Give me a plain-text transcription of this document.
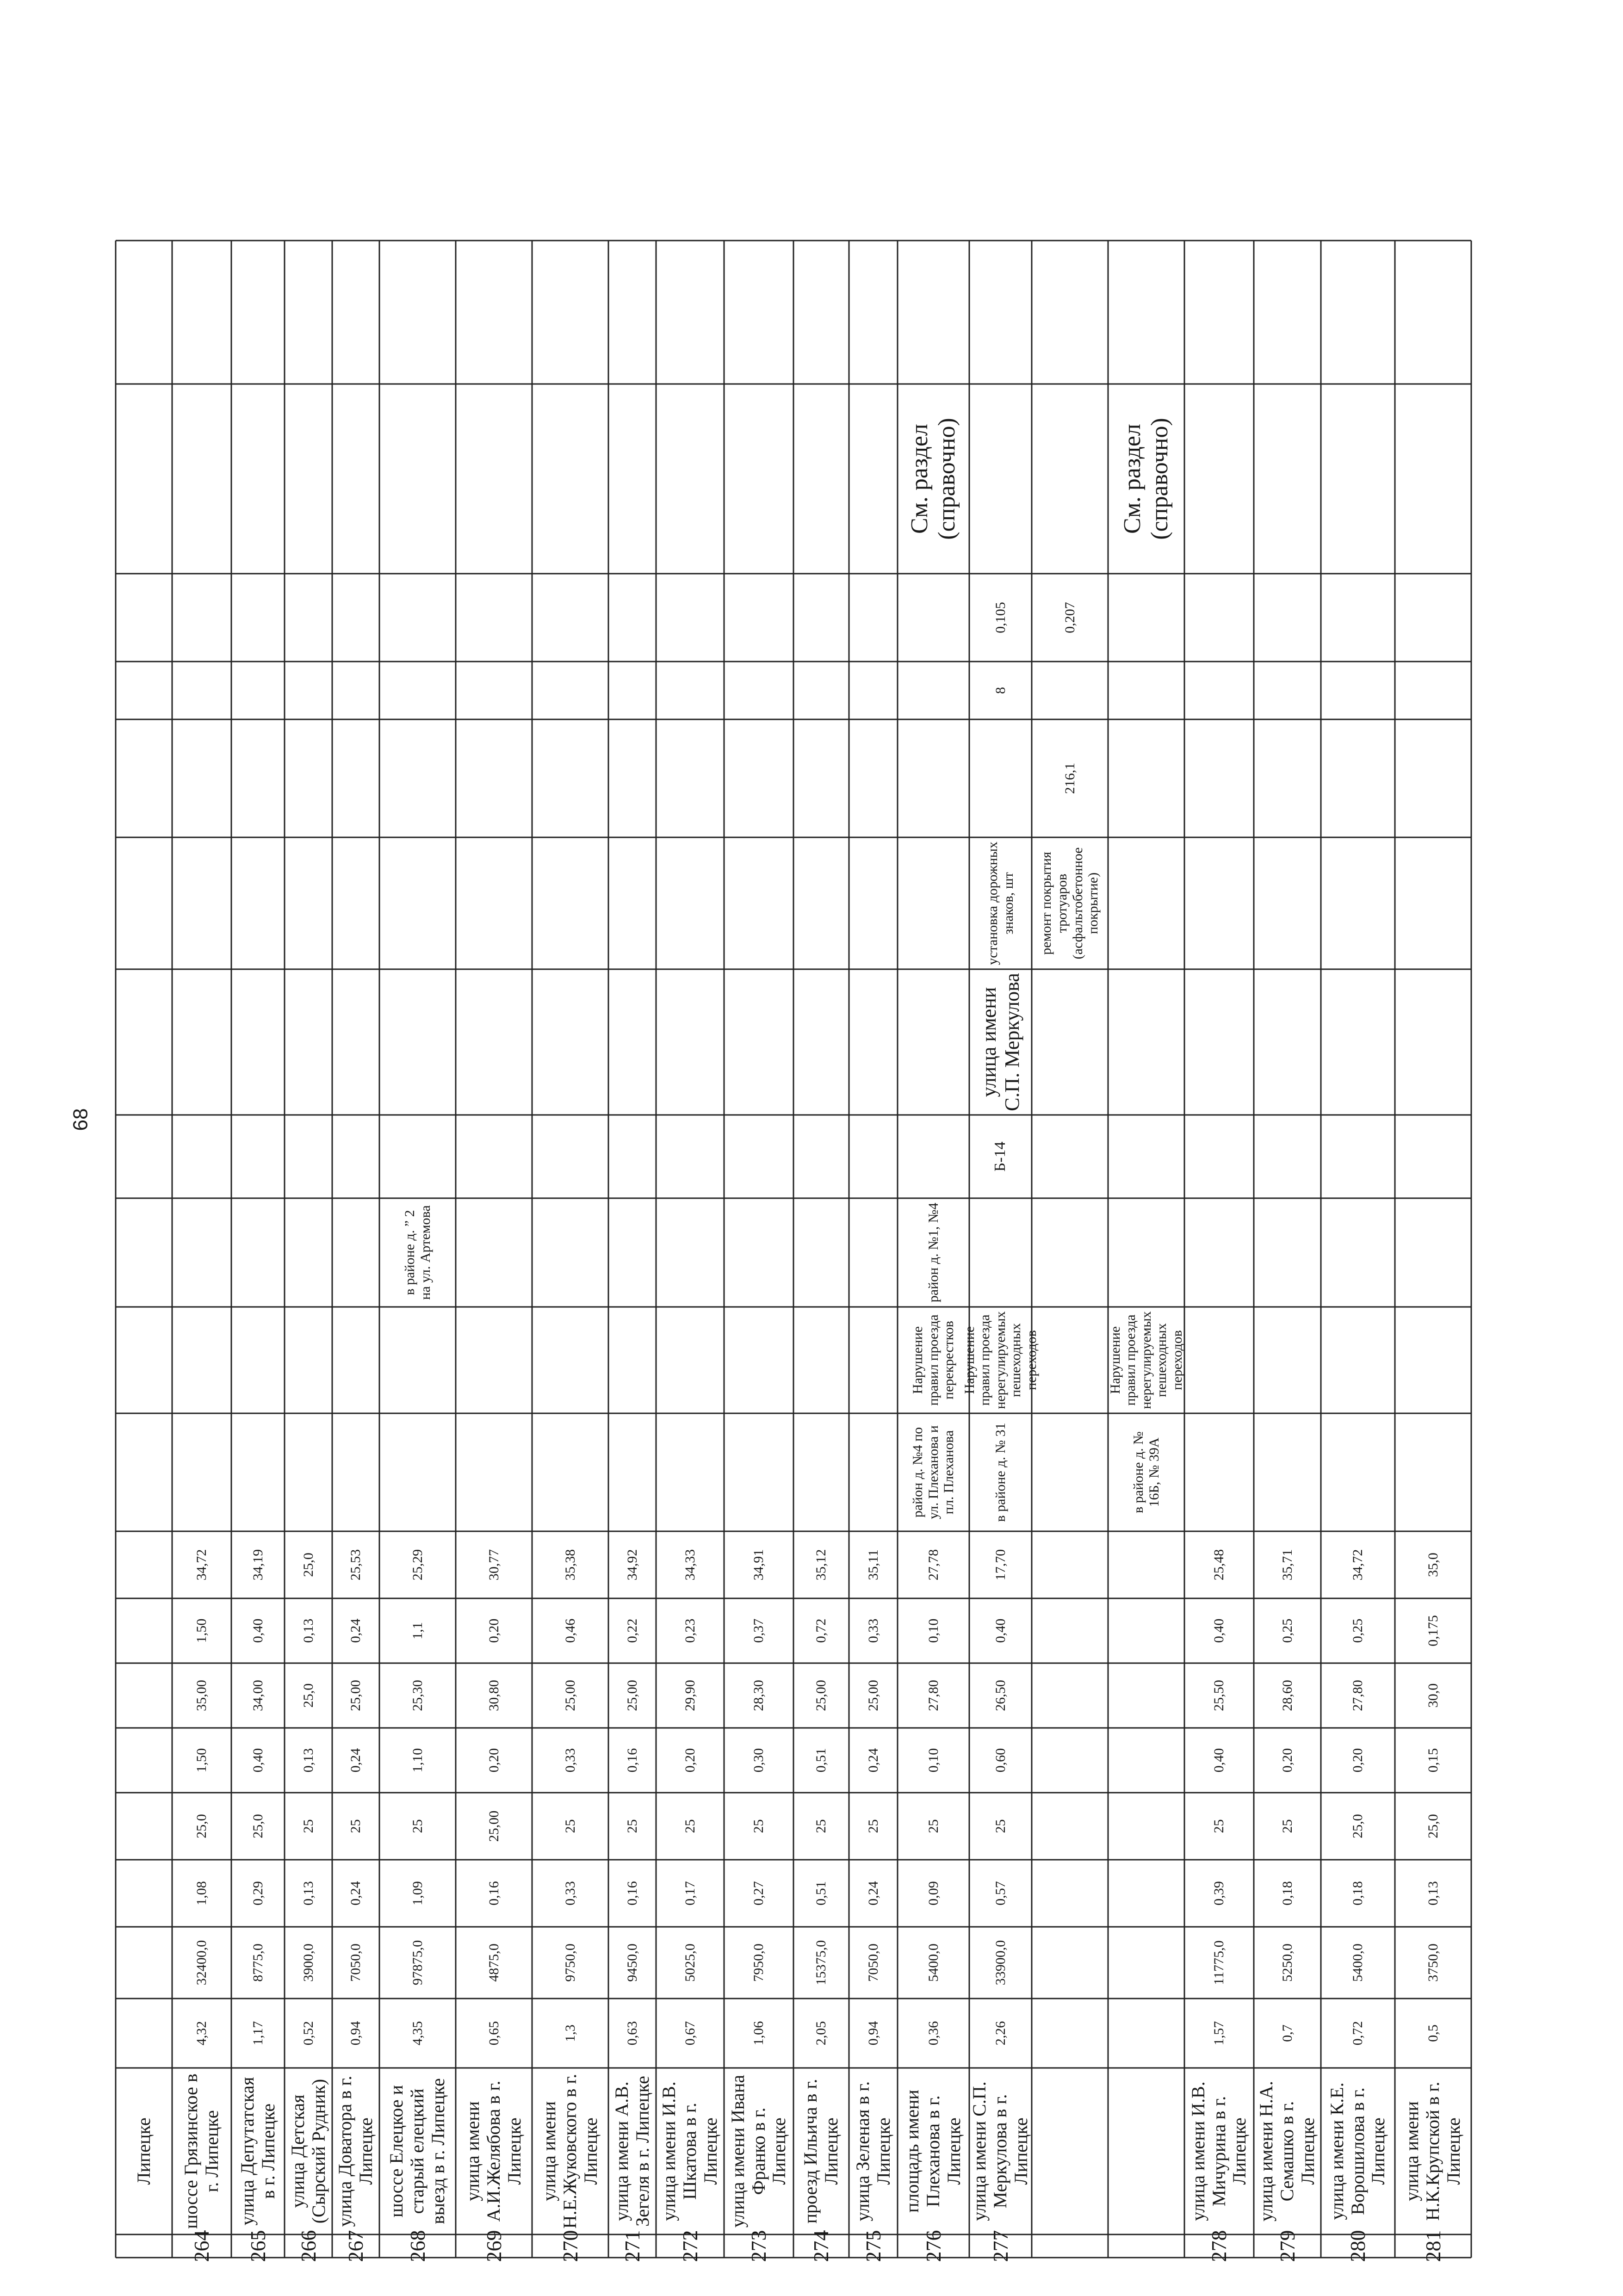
68
Липецке
264
шоссе Грязинское в г. Липецке
4,32
32400,0
1,08
25,0
1,50
35,00
1,50
34,72
265
улица Депутатская в г. Липецке
1,17
8775,0
0,29
25,0
0,40
34,00
0,40
34,19
266
улица Детская (Сырский Рудник)
0,52
3900,0
0,13
25
0,13
25,0
0,13
25,0
267
улица Доватора в г. Липецке
0,94
7050,0
0,24
25
0,24
25,00
0,24
25,53
268
шоссе Елецкое и старый елецкий выезд в г. Липецке
4,35
97875,0
1,09
25
1,10
25,30
1,1
25,29
в районе д. ” 2 на ул. Артемова
269
улица имени А.И.Желябова в г. Липецке
0,65
4875,0
0,16
25,00
0,20
30,80
0,20
30,77
270
улица имени Н.Е.Жуковского в г. Липецке
1,3
9750,0
0,33
25
0,33
25,00
0,46
35,38
271
улица имени А.В. Зегеля в г. Липецке
0,63
9450,0
0,16
25
0,16
25,00
0,22
34,92
272
улица имени И.В. Шкатова в г. Липецке
0,67
5025,0
0,17
25
0,20
29,90
0,23
34,33
273
улица имени Ивана Франко в г. Липецке
1,06
7950,0
0,27
25
0,30
28,30
0,37
34,91
274
проезд Ильича в г. Липецке
2,05
15375,0
0,51
25
0,51
25,00
0,72
35,12
275
улица Зеленая в г. Липецке
0,94
7050,0
0,24
25
0,24
25,00
0,33
35,11
276
площадь имени Плеханова в г. Липецке
0,36
5400,0
0,09
25
0,10
27,80
0,10
27,78
район д. №4 по ул. Плеханова и пл. Плеханова
Нарушение правил проезда перекрестков
район д. №1, №4
См. раздел (справочно)
277
улица имени С.П. Меркулова в г. Липецке
2,26
33900,0
0,57
25
0,60
26,50
0,40
17,70
в районе д. № 31
Нарушение правил проезда нерегулируемых пешеходных переходов
Б-14
улица имени С.П. Меркулова
установка дорожных знаков, шт
8
0,105
ремонт покрытия тротуаров (асфальтобетонное покрытие)
216,1
0,207
в районе д. № 16Б, № 39А
Нарушение правил проезда нерегулируемых пешеходных переходов
См. раздел (справочно)
278
улица имени И.В. Мичурина в г. Липецке
1,57
11775,0
0,39
25
0,40
25,50
0,40
25,48
279
улица имени Н.А. Семашко в г. Липецке
0,7
5250,0
0,18
25
0,20
28,60
0,25
35,71
280
улица имени К.Е. Ворошилова в г. Липецке
0,72
5400,0
0,18
25,0
0,20
27,80
0,25
34,72
281
улица имени Н.К.Крупской в г. Липецке
0,5
3750,0
0,13
25,0
0,15
30,0
0,175
35,0
